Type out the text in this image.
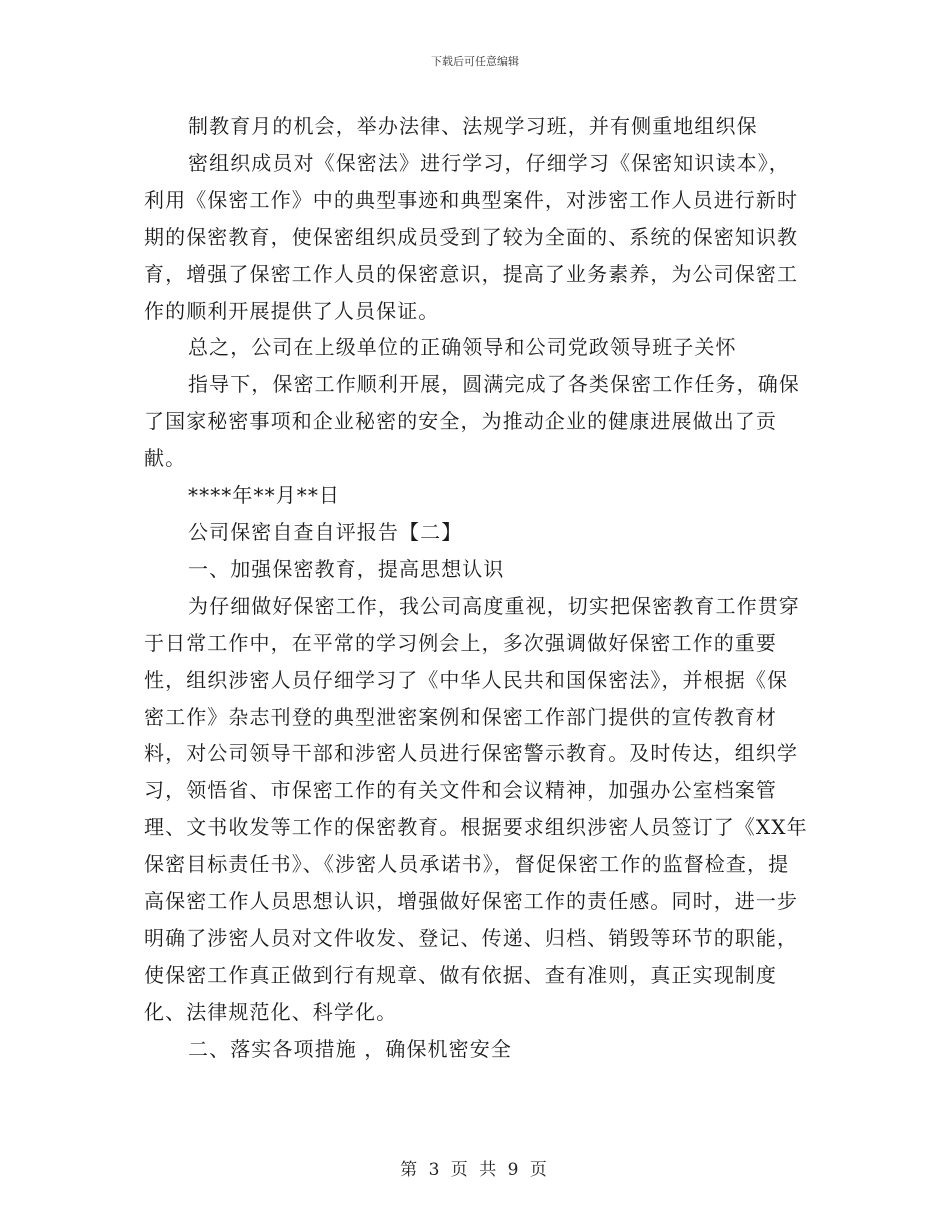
下载后可任意编辑

制教育月的机会，举办法律、法规学习班，并有侧重地组织保

密组织成员对《保密法》进行学习，仔细学习《保密知识读本》，利用《保密工作》中的典型事迹和典型案件，对涉密工作人员进行新时期的保密教育，使保密组织成员受到了较为全面的、系统的保密知识教育，增强了保密工作人员的保密意识，提高了业务素养，为公司保密工作的顺利开展提供了人员保证。

总之，公司在上级单位的正确领导和公司党政领导班子关怀

指导下，保密工作顺利开展，圆满完成了各类保密工作任务，确保了国家秘密事项和企业秘密的安全，为推动企业的健康进展做出了贡献。

****年**月**日

公司保密自查自评报告【二】

一、加强保密教育，提高思想认识

为仔细做好保密工作，我公司高度重视，切实把保密教育工作贯穿于日常工作中，在平常的学习例会上，多次强调做好保密工作的重要性，组织涉密人员仔细学习了《中华人民共和国保密法》，并根据《保密工作》杂志刊登的典型泄密案例和保密工作部门提供的宣传教育材料，对公司领导干部和涉密人员进行保密警示教育。及时传达，组织学习，领悟省、市保密工作的有关文件和会议精神，加强办公室档案管理、文书收发等工作的保密教育。根据要求组织涉密人员签订了《XX年保密目标责任书》、《涉密人员承诺书》，督促保密工作的监督检查，提高保密工作人员思想认识，增强做好保密工作的责任感。同时，进一步明确了涉密人员对文件收发、登记、传递、归档、销毁等环节的职能，使保密工作真正做到行有规章、做有依据、查有准则，真正实现制度化、法律规范化、科学化。

二、落实各项措施 ，确保机密安全

第 3 页 共 9 页
